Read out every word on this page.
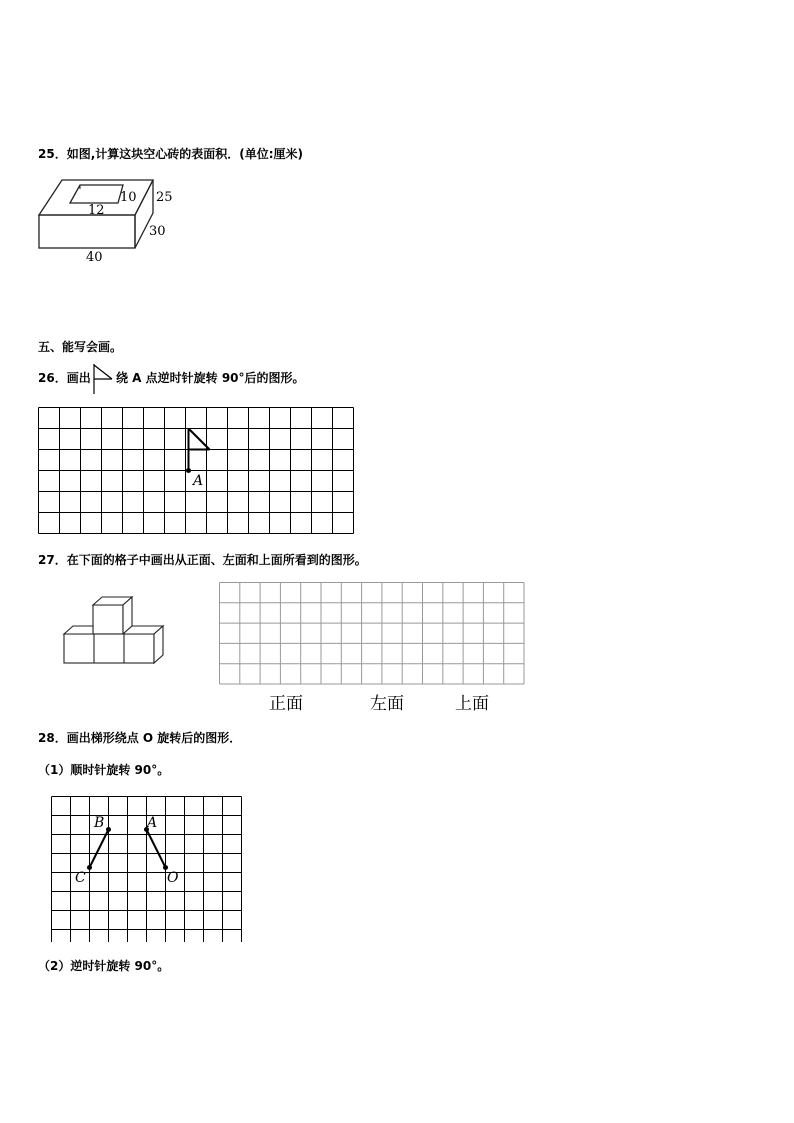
25．如图,计算这块空心砖的表面积．(单位:厘米)
12
10 25
30
40
五、能写会画。
26．画出 绕 A 点逆时针旋转 90°后的图形。
A
27．在下面的格子中画出从正面、左面和上面所看到的图形。
正面	左面	上面
28．画出梯形绕点 O 旋转后的图形．
（1）顺时针旋转 90°。
B	A
C	O
（2）逆时针旋转 90°。
